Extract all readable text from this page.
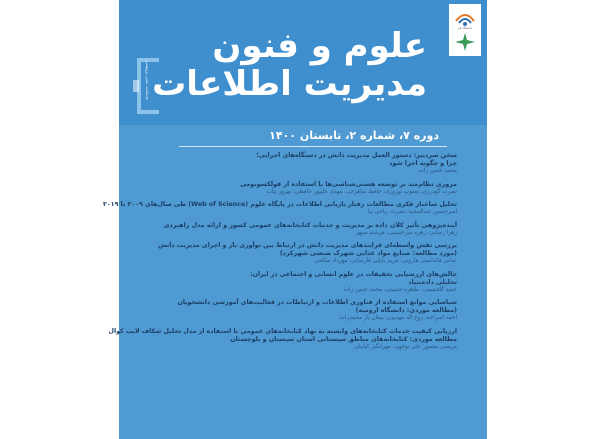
دانشگاه قم
علوم و فنون
مدیریت اطلاعات
فصلنامه علمی پژوهشی
دوره ۷، شماره ۲، تابستان ۱۴۰۰
سخن سردبیر: دستور العمل مدیریت دانش در دستگاه‌های اجرایی؛
چرا و چگونه اجرا شود
محمد حسن زاده
مروری نظام‌مند بر توسعه هستی‌شناسی‌ها با استفاده از فولکسونومی
نصرت گودرزی، یعقوب نوروزی، حافظ شاهرخی، مهدی علیپور حافظی، بهروز بیات
تحلیل ساختار فکری مطالعات رفتار بازیابی اطلاعات در پایگاه علوم (Web of Science) طی سال‌های ۲۰۰۹ تا ۲۰۱۹
امیرحسین عبدالمجید، نصرت ریاحی نیا
آینده‌پژوهی تأثیر کلان داده بر مدیریت و خدمات کتابخانه‌های عمومی کشور و ارائه مدل راهبردی
زهرا رضایی، زهره میرحسینی، فرشته سپهر
بررسی نقش واسطه‌ای فرایندهای مدیریت دانش در ارتباط بین نوآوری باز و اجرای مدیریت دانش
(مورد مطالعه: صنایع مواد غذایی شهرک صنعتی شهرکرد)
عباس قائدامینی هارونی، مریم بابایی فارسانی، مهرداد صالحی
چالش‌های ارزشیابی تحقیقات در علوم انسانی و اجتماعی در ایران:
تحلیلی داده‌بنیاد
حمید گلحسینی، طاهره حسینی، محمد حسن زاده
شناسایی موانع استفاده از فناوری اطلاعات و ارتباطات در فعالیت‌های آموزشی دانشجویان
(مطالعه موردی: دانشگاه ارومیه)
احمد اسراجه، روح اله مهدیون، پیمان یار محمدزاده
ارزیابی کیفیت خدمات کتابخانه‌های وابسته به نهاد کتابخانه‌های عمومی با استفاده از مدل تحلیل شکاف لایب کوال
مطالعه موردی: کتابخانه‌های مناطق سیستانی استان سیستان و بلوچستان
مرتضی منصور علی نوجهی، مهرانگیز کیانیان
